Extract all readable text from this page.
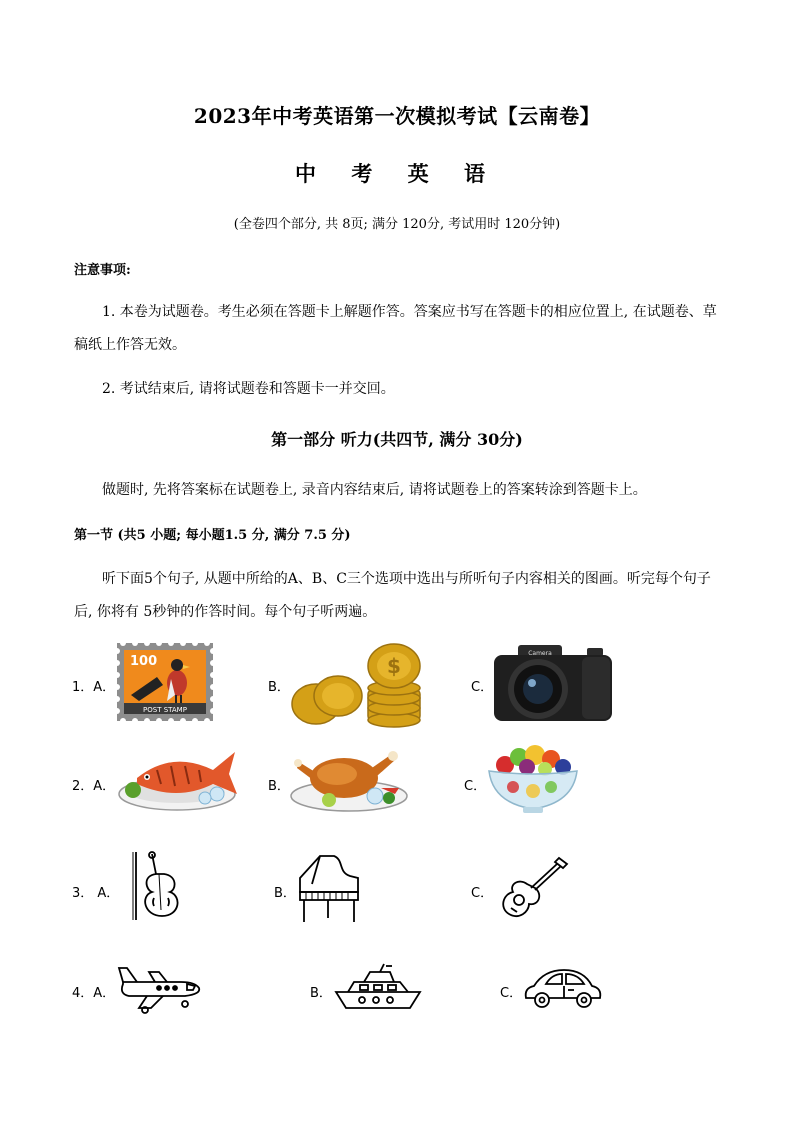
2023年中考英语第一次模拟考试【云南卷】
中 考 英 语
(全卷四个部分, 共 8页; 满分 120分, 考试用时 120分钟)
注意事项:
1. 本卷为试题卷。考生必须在答题卡上解题作答。答案应书写在答题卡的相应位置上, 在试题卷、草稿纸上作答无效。
2. 考试结束后, 请将试题卷和答题卡一并交回。
第一部分 听力(共四节, 满分 30分)
做题时, 先将答案标在试题卷上, 录音内容结束后, 请将试题卷上的答案转涂到答题卡上。
第一节 (共5 小题; 每小题1.5 分, 满分 7.5 分)
听下面5个句子, 从题中所给的A、B、C三个选项中选出与所听句子内容相关的图画。听完每个句子后, 你将有 5秒钟的作答时间。每个句子听两遍。
1．A．
100
POST STAMP
B．
$
C．
Camera
2．A．	B．	C．
3． A．	B．	C．
4．A．	B．	C．
